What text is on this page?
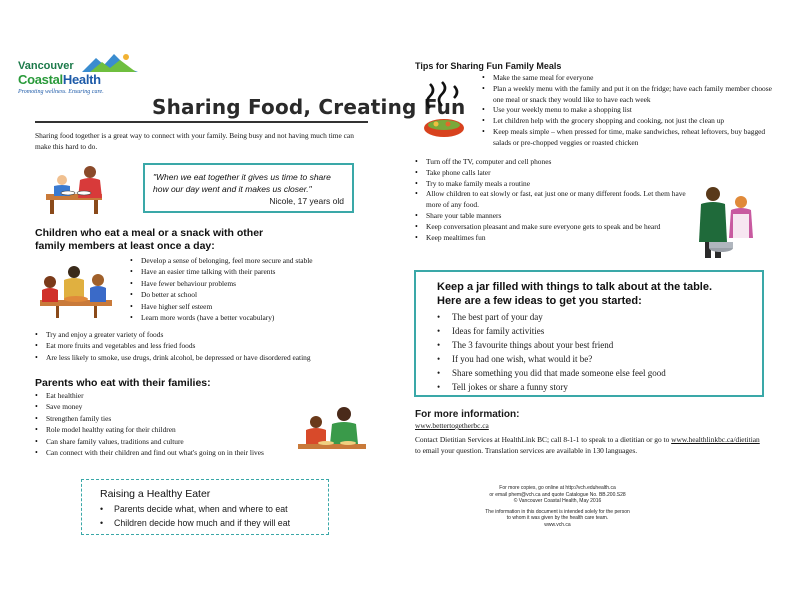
Vancouver
CoastalHealth
Promoting wellness. Ensuring care.
Sharing Food, Creating Fun
Sharing food together is a great way to connect with your family. Being busy and not having much time can make this hard to do.
"When we eat together it gives us time to share how our day went and it makes us closer."
Nicole, 17 years old
Children who eat a meal or a snack with other family members at least once a day:
• Develop a sense of belonging, feel more secure and stable
• Have an easier time talking with their parents
• Have fewer behaviour problems
• Do better at school
• Have higher self esteem
• Learn more words (have a better vocabulary)
• Try and enjoy a greater variety of foods
• Eat more fruits and vegetables and less fried foods
• Are less likely to smoke, use drugs, drink alcohol, be depressed or have disordered eating
Parents who eat with their families:
• Eat healthier
• Save money
• Strengthen family ties
• Role model healthy eating for their children
• Can share family values, traditions and culture
• Can connect with their children and find out what's going on in their lives
Raising a Healthy Eater
• Parents decide what, when and where to eat
• Children decide how much and if they will eat
Tips for Sharing Fun Family Meals
• Make the same meal for everyone
• Plan a weekly menu with the family and put it on the fridge; have each family member choose one meal or snack they would like to have each week
• Use your weekly menu to make a shopping list
• Let children help with the grocery shopping and cooking, not just the clean up
• Keep meals simple – when pressed for time, make sandwiches, reheat leftovers, buy bagged salads or pre-chopped veggies or roasted chicken
• Turn off the TV, computer and cell phones
• Take phone calls later
• Try to make family meals a routine
• Allow children to eat slowly or fast, eat just one or many different foods. Let them have more of any food.
• Share your table manners
• Keep conversation pleasant and make sure everyone gets to speak and be heard
• Keep mealtimes fun
Keep a jar filled with things to talk about at the table.
Here are a few ideas to get you started:
• The best part of your day
• Ideas for family activities
• The 3 favourite things about your best friend
• If you had one wish, what would it be?
• Share something you did that made someone else feel good
• Tell jokes or share a funny story
For more information:
www.bettertogetherbc.ca
Contact Dietitian Services at HealthLink BC; call 8-1-1 to speak to a dietitian or go to www.healthlinkbc.ca/dietitian to email your question. Translation services are available in 130 languages.
For more copies, go online at http://vch.eduhealth.ca
or email phem@vch.ca and quote Catalogue No. BB.200.S28
© Vancouver Coastal Health, May 2016
The information in this document is intended solely for the person
to whom it was given by the health care team.
www.vch.ca
